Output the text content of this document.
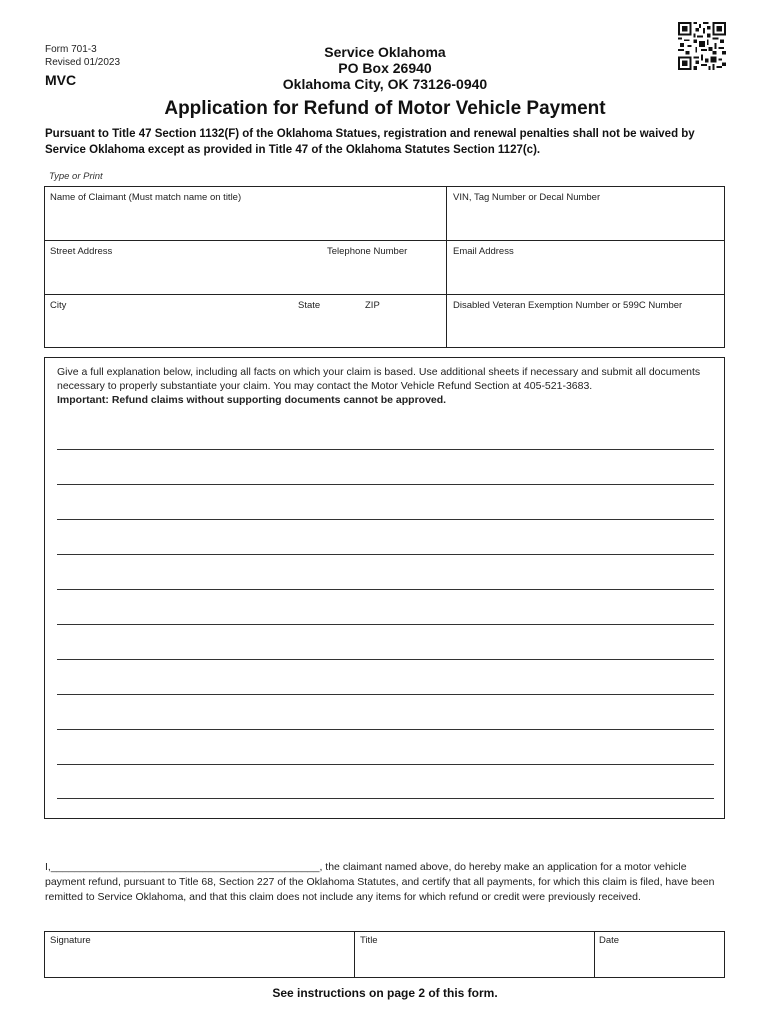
Form 701-3
Revised 01/2023
MVC
Service Oklahoma
PO Box 26940
Oklahoma City, OK 73126-0940
Application for Refund of Motor Vehicle Payment
Pursuant to Title 47 Section 1132(F) of the Oklahoma Statues, registration and renewal penalties shall not be waived by Service Oklahoma except as provided in Title 47 of the Oklahoma Statutes Section 1127(c).
Type or Print
Name of Claimant (Must match name on title)	VIN, Tag Number or Decal Number
Street Address	Telephone Number	Email Address
City	State	ZIP	Disabled Veteran Exemption Number or 599C Number
Give a full explanation below, including all facts on which your claim is based. Use additional sheets if necessary and submit all documents necessary to properly substantiate your claim. You may contact the Motor Vehicle Refund Section at 405-521-3683.
Important: Refund claims without supporting documents cannot be approved.
I,______________________________________________, the claimant named above, do hereby make an application for a motor vehicle payment refund, pursuant to Title 68, Section 227 of the Oklahoma Statutes, and certify that all payments, for which this claim is filed, have been remitted to Service Oklahoma, and that this claim does not include any items for which refund or credit were previously received.
Signature	Title	Date
See instructions on page 2 of this form.
